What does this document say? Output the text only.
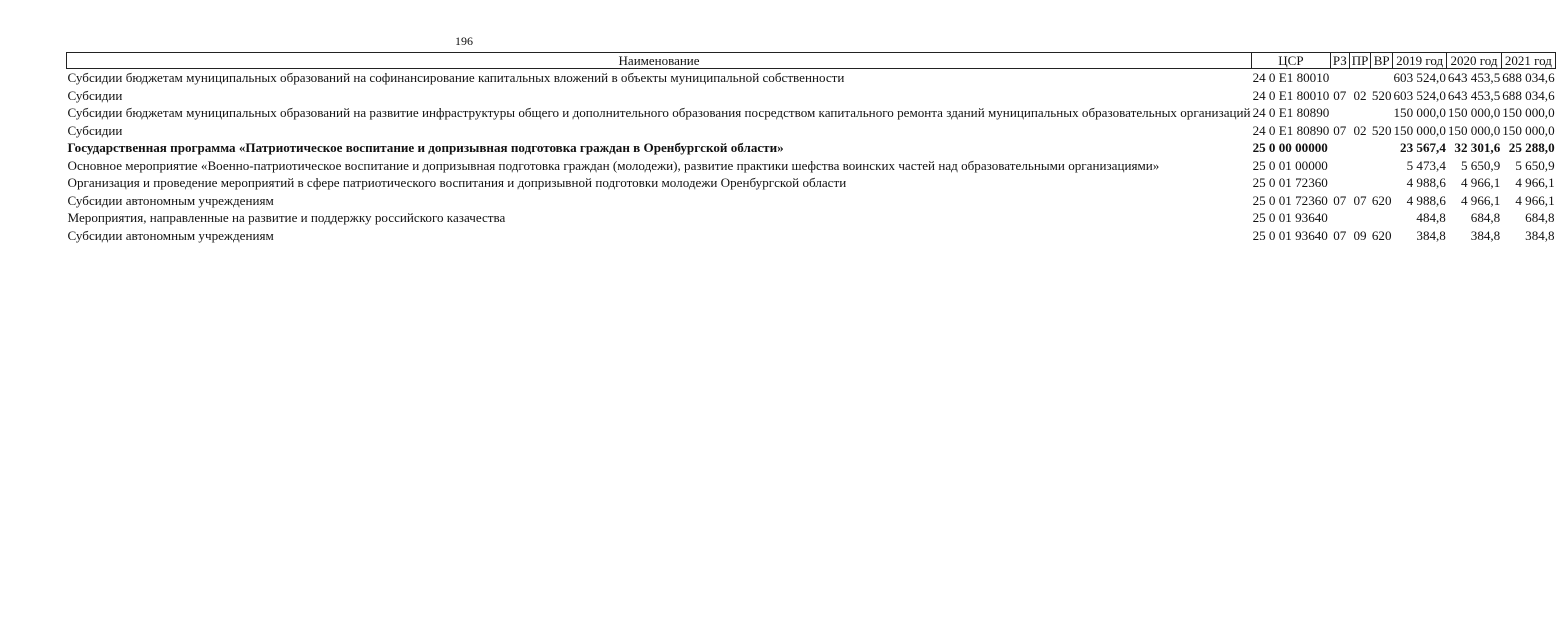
196
Наименование	ЦСР	РЗ	ПР	ВР	2019 год	2020 год	2021 год
Субсидии бюджетам муниципальных образований на софинансирование капитальных вложений в объекты муниципальной собственности	24 0 E1 80010				603 524,0	643 453,5	688 034,6
Субсидии	24 0 E1 80010	07	02	520	603 524,0	643 453,5	688 034,6
Субсидии бюджетам муниципальных образований на развитие инфраструктуры общего и дополнительного образования посредством капитального ремонта зданий муниципальных образовательных организаций	24 0 E1 80890				150 000,0	150 000,0	150 000,0
Субсидии	24 0 E1 80890	07	02	520	150 000,0	150 000,0	150 000,0
Государственная программа «Патриотическое воспитание и допризывная подготовка граждан в Оренбургской области»	25 0 00 00000				23 567,4	32 301,6	25 288,0
Основное мероприятие «Военно-патриотическое воспитание и допризывная подготовка граждан (молодежи), развитие практики шефства воинских частей над образовательными организациями»	25 0 01 00000				5 473,4	5 650,9	5 650,9
Организация и проведение мероприятий в сфере патриотического воспитания и допризывной подготовки молодежи Оренбургской области	25 0 01 72360				4 988,6	4 966,1	4 966,1
Субсидии автономным учреждениям	25 0 01 72360	07	07	620	4 988,6	4 966,1	4 966,1
Мероприятия, направленные на развитие и поддержку российского казачества	25 0 01 93640				484,8	684,8	684,8
Субсидии автономным учреждениям	25 0 01 93640	07	09	620	384,8	384,8	384,8
